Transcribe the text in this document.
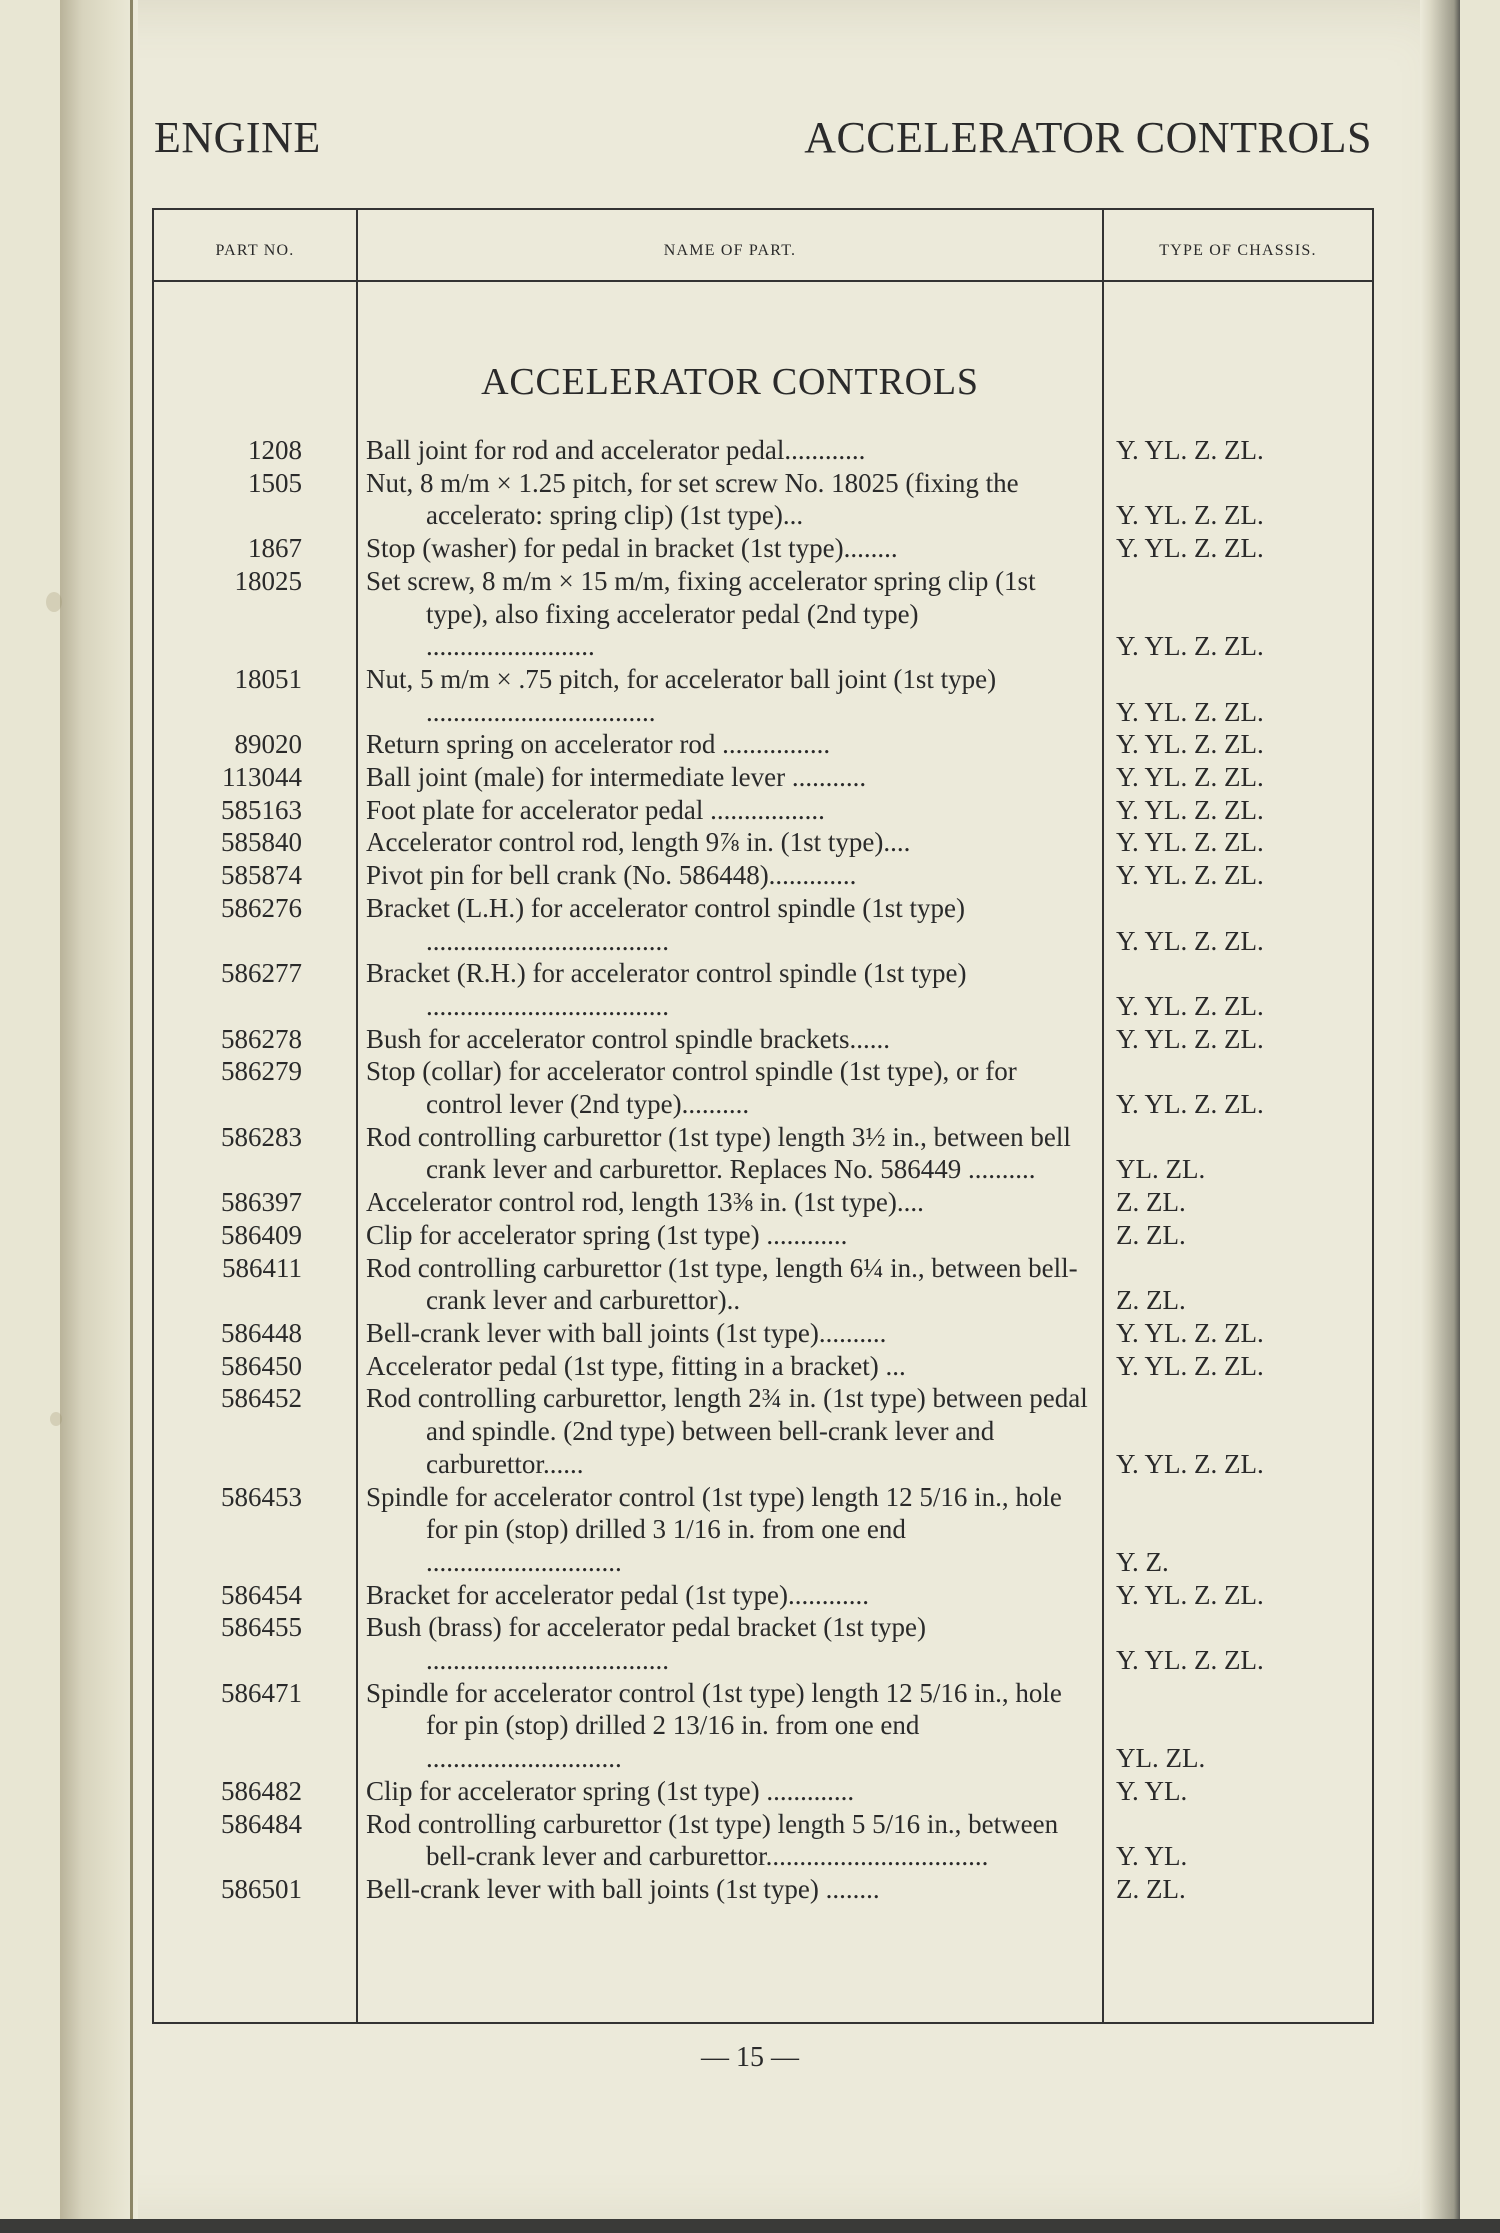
ENGINE	ACCELERATOR CONTROLS
PART NO.	NAME OF PART.	TYPE OF CHASSIS.
ACCELERATOR CONTROLS
1208 Ball joint for rod and accelerator pedal............	Y. YL. Z. ZL.
1505 Nut, 8 m/m × 1.25 pitch, for set screw No. 18025 (fixing the accelerato: spring clip) (1st type)...	Y. YL. Z. ZL.
1867 Stop (washer) for pedal in bracket (1st type)........	Y. YL. Z. ZL.
18025 Set screw, 8 m/m × 15 m/m, fixing accelerator spring clip (1st type), also fixing accelerator pedal (2nd type) .........................	Y. YL. Z. ZL.
18051 Nut, 5 m/m × .75 pitch, for accelerator ball joint (1st type) ..................................	Y. YL. Z. ZL.
89020 Return spring on accelerator rod ................	Y. YL. Z. ZL.
113044 Ball joint (male) for intermediate lever ...........	Y. YL. Z. ZL.
585163 Foot plate for accelerator pedal .................	Y. YL. Z. ZL.
585840 Accelerator control rod, length 9⅞ in. (1st type)....	Y. YL. Z. ZL.
585874 Pivot pin for bell crank (No. 586448).............	Y. YL. Z. ZL.
586276 Bracket (L.H.) for accelerator control spindle (1st type) ....................................	Y. YL. Z. ZL.
586277 Bracket (R.H.) for accelerator control spindle (1st type) ....................................	Y. YL. Z. ZL.
586278 Bush for accelerator control spindle brackets......	Y. YL. Z. ZL.
586279 Stop (collar) for accelerator control spindle (1st type), or for control lever (2nd type)..........	Y. YL. Z. ZL.
586283 Rod controlling carburettor (1st type) length 3½ in., between bell crank lever and carburettor. Replaces No. 586449 ..........	YL. ZL.
586397 Accelerator control rod, length 13⅜ in. (1st type)....	Z. ZL.
586409 Clip for accelerator spring (1st type) ............	Z. ZL.
586411 Rod controlling carburettor (1st type, length 6¼ in., between bell-crank lever and carburettor)..	Z. ZL.
586448 Bell-crank lever with ball joints (1st type)..........	Y. YL. Z. ZL.
586450 Accelerator pedal (1st type, fitting in a bracket) ...	Y. YL. Z. ZL.
586452 Rod controlling carburettor, length 2¾ in. (1st type) between pedal and spindle. (2nd type) between bell-crank lever and carburettor......	Y. YL. Z. ZL.
586453 Spindle for accelerator control (1st type) length 12 5/16 in., hole for pin (stop) drilled 3 1/16 in. from one end .............................	Y. Z.
586454 Bracket for accelerator pedal (1st type)............	Y. YL. Z. ZL.
586455 Bush (brass) for accelerator pedal bracket (1st type) ....................................	Y. YL. Z. ZL.
586471 Spindle for accelerator control (1st type) length 12 5/16 in., hole for pin (stop) drilled 2 13/16 in. from one end .............................	YL. ZL.
586482 Clip for accelerator spring (1st type) .............	Y. YL.
586484 Rod controlling carburettor (1st type) length 5 5/16 in., between bell-crank lever and carburettor.................................	Y. YL.
586501 Bell-crank lever with ball joints (1st type) ........	Z. ZL.
— 15 —
